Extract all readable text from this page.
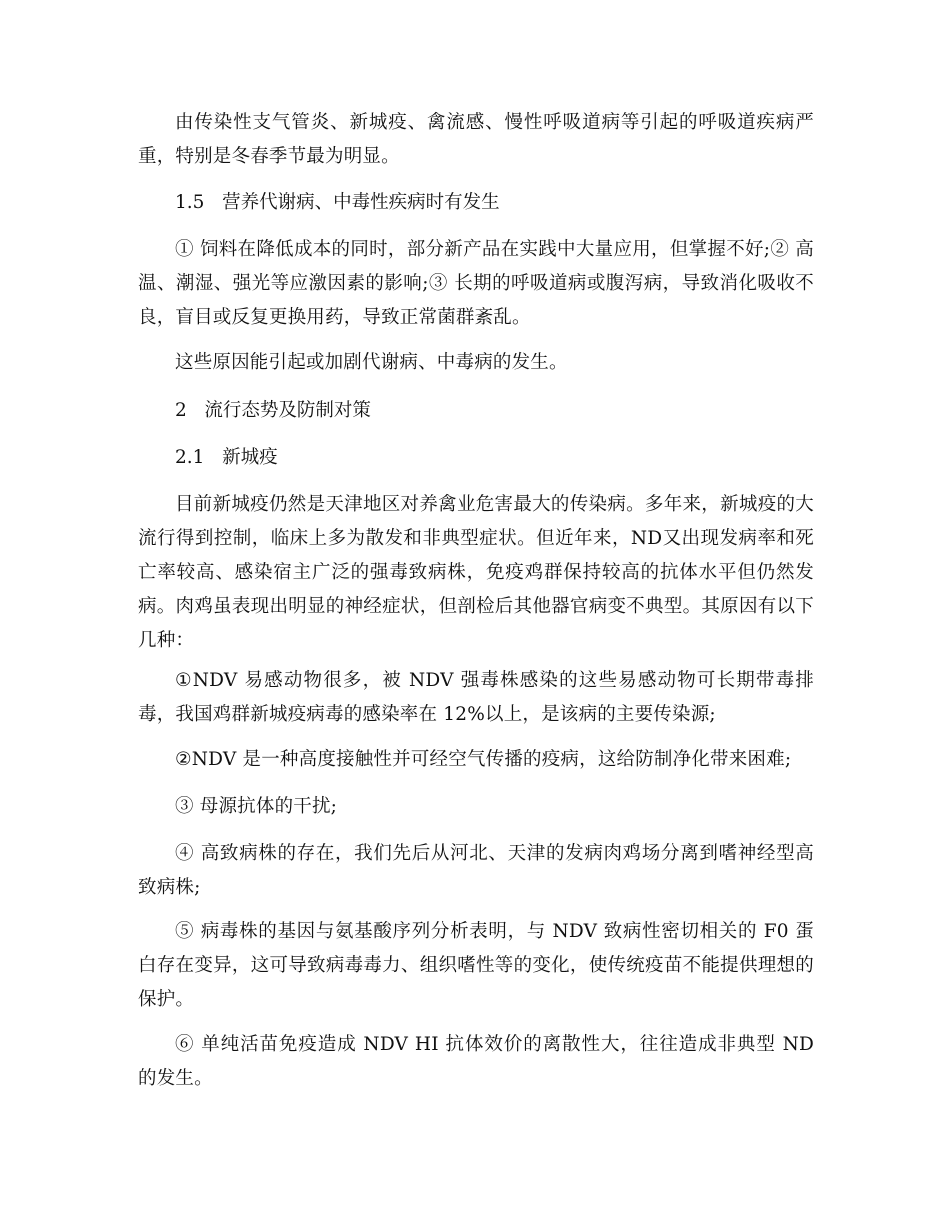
由传染性支气管炎、新城疫、禽流感、慢性呼吸道病等引起的呼吸道疾病严重，特别是冬春季节最为明显。

1.5   营养代谢病、中毒性疾病时有发生

① 饲料在降低成本的同时，部分新产品在实践中大量应用，但掌握不好;② 高温、潮湿、强光等应激因素的影响;③ 长期的呼吸道病或腹泻病，导致消化吸收不良，盲目或反复更换用药，导致正常菌群紊乱。

这些原因能引起或加剧代谢病、中毒病的发生。

2   流行态势及防制对策

2.1   新城疫

目前新城疫仍然是天津地区对养禽业危害最大的传染病。多年来，新城疫的大流行得到控制，临床上多为散发和非典型症状。但近年来，ND又出现发病率和死亡率较高、感染宿主广泛的强毒致病株，免疫鸡群保持较高的抗体水平但仍然发病。肉鸡虽表现出明显的神经症状，但剖检后其他器官病变不典型。其原因有以下几种：

①NDV 易感动物很多，被 NDV 强毒株感染的这些易感动物可长期带毒排毒，我国鸡群新城疫病毒的感染率在 12%以上，是该病的主要传染源;

②NDV 是一种高度接触性并可经空气传播的疫病，这给防制净化带来困难;

③ 母源抗体的干扰;

④ 高致病株的存在，我们先后从河北、天津的发病肉鸡场分离到嗜神经型高致病株;

⑤ 病毒株的基因与氨基酸序列分析表明，与 NDV 致病性密切相关的 F0 蛋白存在变异，这可导致病毒毒力、组织嗜性等的变化，使传统疫苗不能提供理想的保护。

⑥ 单纯活苗免疫造成 NDV HI 抗体效价的离散性大，往往造成非典型 ND 的发生。
